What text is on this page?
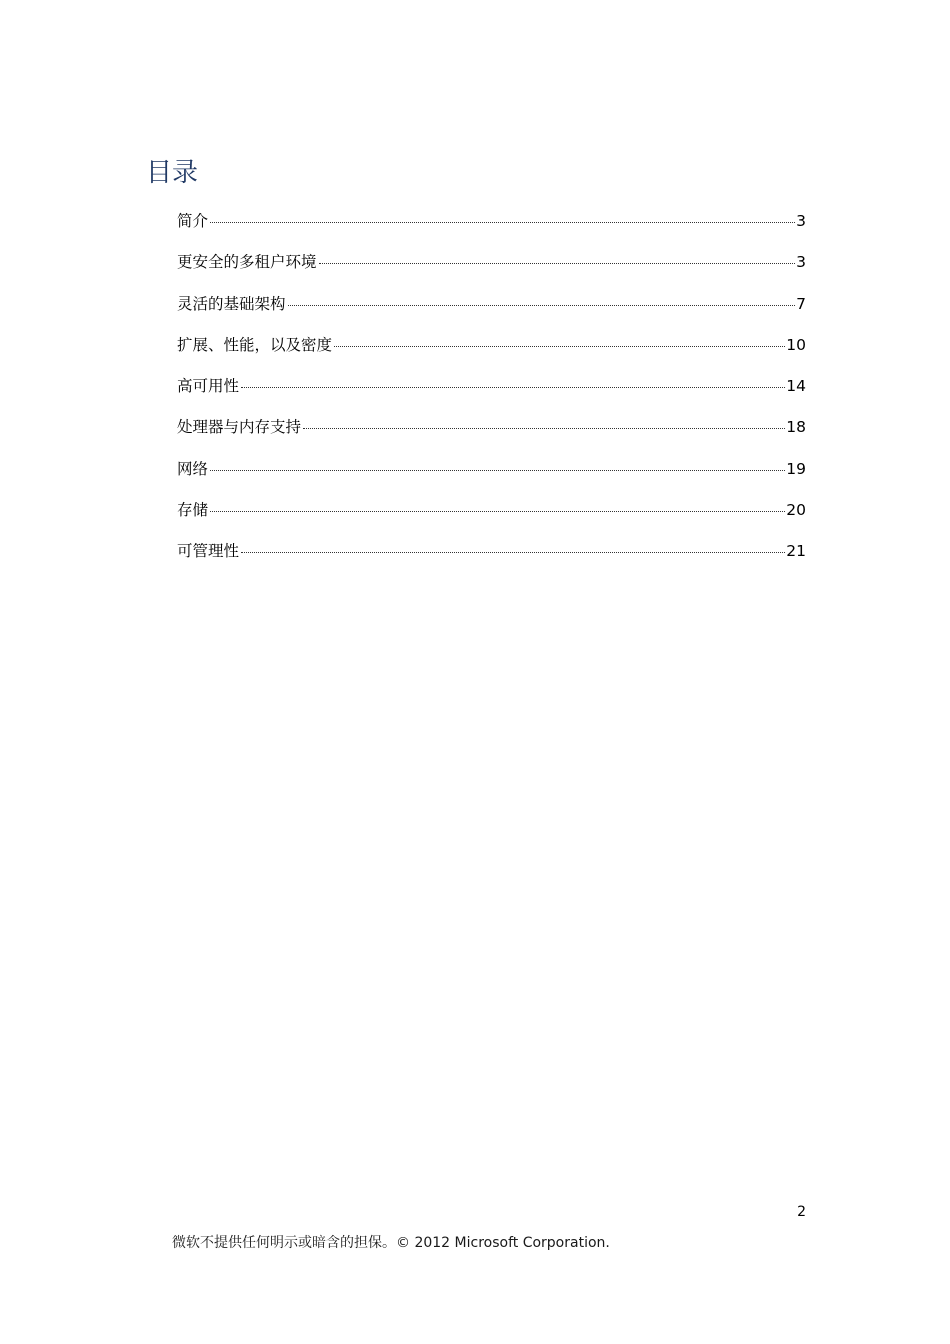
目录
简介	3
更安全的多租户环境	3
灵活的基础架构	7
扩展、性能，以及密度	10
高可用性	14
处理器与内存支持	18
网络	19
存储	20
可管理性	21
2
微软不提供任何明示或暗含的担保。© 2012 Microsoft Corporation.
